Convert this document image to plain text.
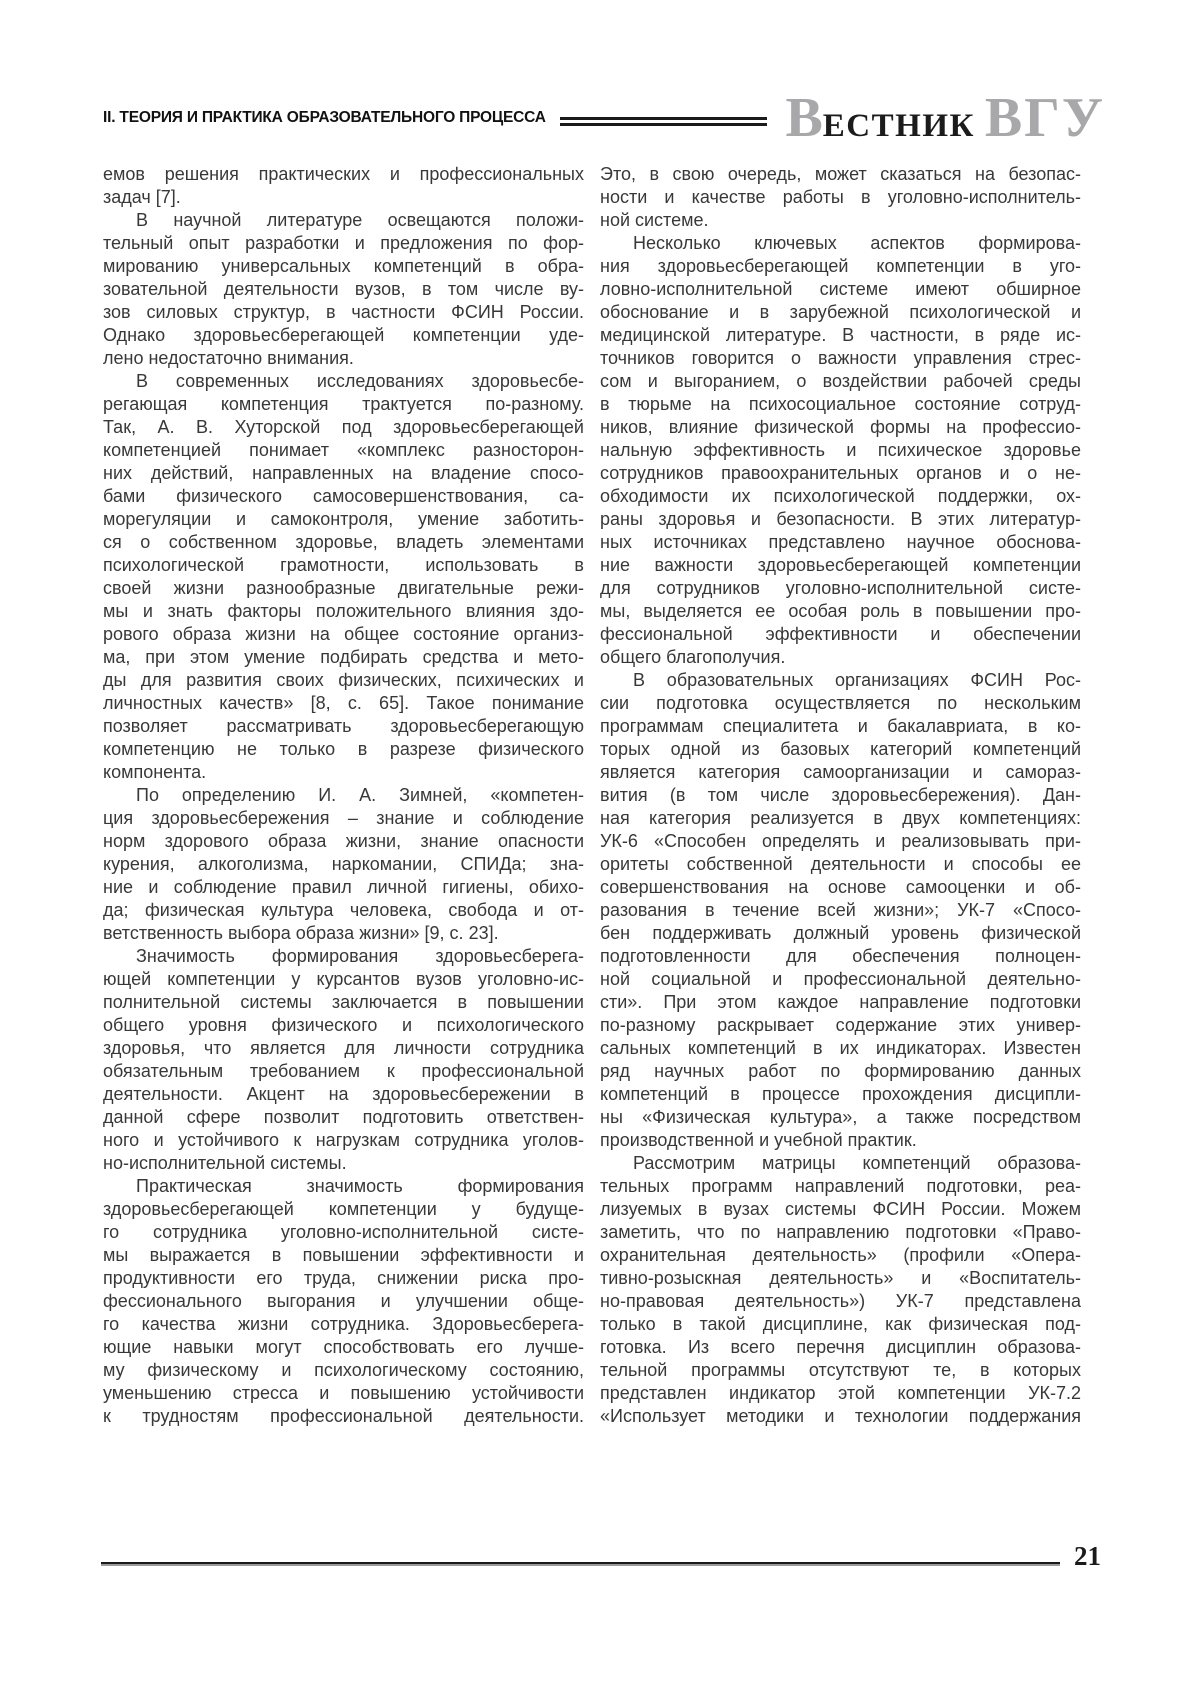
II. ТЕОРИЯ И ПРАКТИКА ОБРАЗОВАТЕЛЬНОГО ПРОЦЕССА	ВЕСТНИК ВГУ
емов решения практических и профессиональных
задач [7].
В научной литературе освещаются положи-
тельный опыт разработки и предложения по фор-
мированию универсальных компетенций в обра-
зовательной деятельности вузов, в том числе ву-
зов силовых структур, в частности ФСИН России.
Однако здоровьесберегающей компетенции уде-
лено недостаточно внимания.
В современных исследованиях здоровьесбе-
регающая компетенция трактуется по-разному.
Так, А. В. Хуторской под здоровьесберегающей
компетенцией понимает «комплекс разносторон-
них действий, направленных на владение спосо-
бами физического самосовершенствования, са-
морегуляции и самоконтроля, умение заботить-
ся о собственном здоровье, владеть элементами
психологической грамотности, использовать в
своей жизни разнообразные двигательные режи-
мы и знать факторы положительного влияния здо-
рового образа жизни на общее состояние организ-
ма, при этом умение подбирать средства и мето-
ды для развития своих физических, психических и
личностных качеств» [8, с. 65]. Такое понимание
позволяет рассматривать здоровьесберегающую
компетенцию не только в разрезе физического
компонента.
По определению И. А. Зимней, «компетен-
ция здоровьесбережения – знание и соблюдение
норм здорового образа жизни, знание опасности
курения, алкоголизма, наркомании, СПИДа; зна-
ние и соблюдение правил личной гигиены, обихо-
да; физическая культура человека, свобода и от-
ветственность выбора образа жизни» [9, с. 23].
Значимость формирования здоровьесберега-
ющей компетенции у курсантов вузов уголовно-ис-
полнительной системы заключается в повышении
общего уровня физического и психологического
здоровья, что является для личности сотрудника
обязательным требованием к профессиональной
деятельности. Акцент на здоровьесбережении в
данной сфере позволит подготовить ответствен-
ного и устойчивого к нагрузкам сотрудника уголов-
но-исполнительной системы.
Практическая значимость формирования
здоровьесберегающей компетенции у будуще-
го сотрудника уголовно-исполнительной систе-
мы выражается в повышении эффективности и
продуктивности его труда, снижении риска про-
фессионального выгорания и улучшении обще-
го качества жизни сотрудника. Здоровьесберега-
ющие навыки могут способствовать его лучше-
му физическому и психологическому состоянию,
уменьшению стресса и повышению устойчивости
к трудностям профессиональной деятельности.
Это, в свою очередь, может сказаться на безопас-
ности и качестве работы в уголовно-исполнитель-
ной системе.
Несколько ключевых аспектов формирова-
ния здоровьесберегающей компетенции в уго-
ловно-исполнительной системе имеют обширное
обоснование и в зарубежной психологической и
медицинской литературе. В частности, в ряде ис-
точников говорится о важности управления стрес-
сом и выгоранием, о воздействии рабочей среды
в тюрьме на психосоциальное состояние сотруд-
ников, влияние физической формы на профессио-
нальную эффективность и психическое здоровье
сотрудников правоохранительных органов и о не-
обходимости их психологической поддержки, ох-
раны здоровья и безопасности. В этих литератур-
ных источниках представлено научное обоснова-
ние важности здоровьесберегающей компетенции
для сотрудников уголовно-исполнительной систе-
мы, выделяется ее особая роль в повышении про-
фессиональной эффективности и обеспечении
общего благополучия.
В образовательных организациях ФСИН Рос-
сии подготовка осуществляется по нескольким
программам специалитета и бакалавриата, в ко-
торых одной из базовых категорий компетенций
является категория самоорганизации и самораз-
вития (в том числе здоровьесбережения). Дан-
ная категория реализуется в двух компетенциях:
УК-6 «Способен определять и реализовывать при-
оритеты собственной деятельности и способы ее
совершенствования на основе самооценки и об-
разования в течение всей жизни»; УК-7 «Спосо-
бен поддерживать должный уровень физической
подготовленности для обеспечения полноцен-
ной социальной и профессиональной деятельно-
сти». При этом каждое направление подготовки
по-разному раскрывает содержание этих универ-
сальных компетенций в их индикаторах. Известен
ряд научных работ по формированию данных
компетенций в процессе прохождения дисципли-
ны «Физическая культура», а также посредством
производственной и учебной практик.
Рассмотрим матрицы компетенций образова-
тельных программ направлений подготовки, реа-
лизуемых в вузах системы ФСИН России. Можем
заметить, что по направлению подготовки «Право-
охранительная деятельность» (профили «Опера-
тивно-розыскная деятельность» и «Воспитатель-
но-правовая деятельность») УК-7 представлена
только в такой дисциплине, как физическая под-
готовка. Из всего перечня дисциплин образова-
тельной программы отсутствуют те, в которых
представлен индикатор этой компетенции УК-7.2
«Использует методики и технологии поддержания
21
